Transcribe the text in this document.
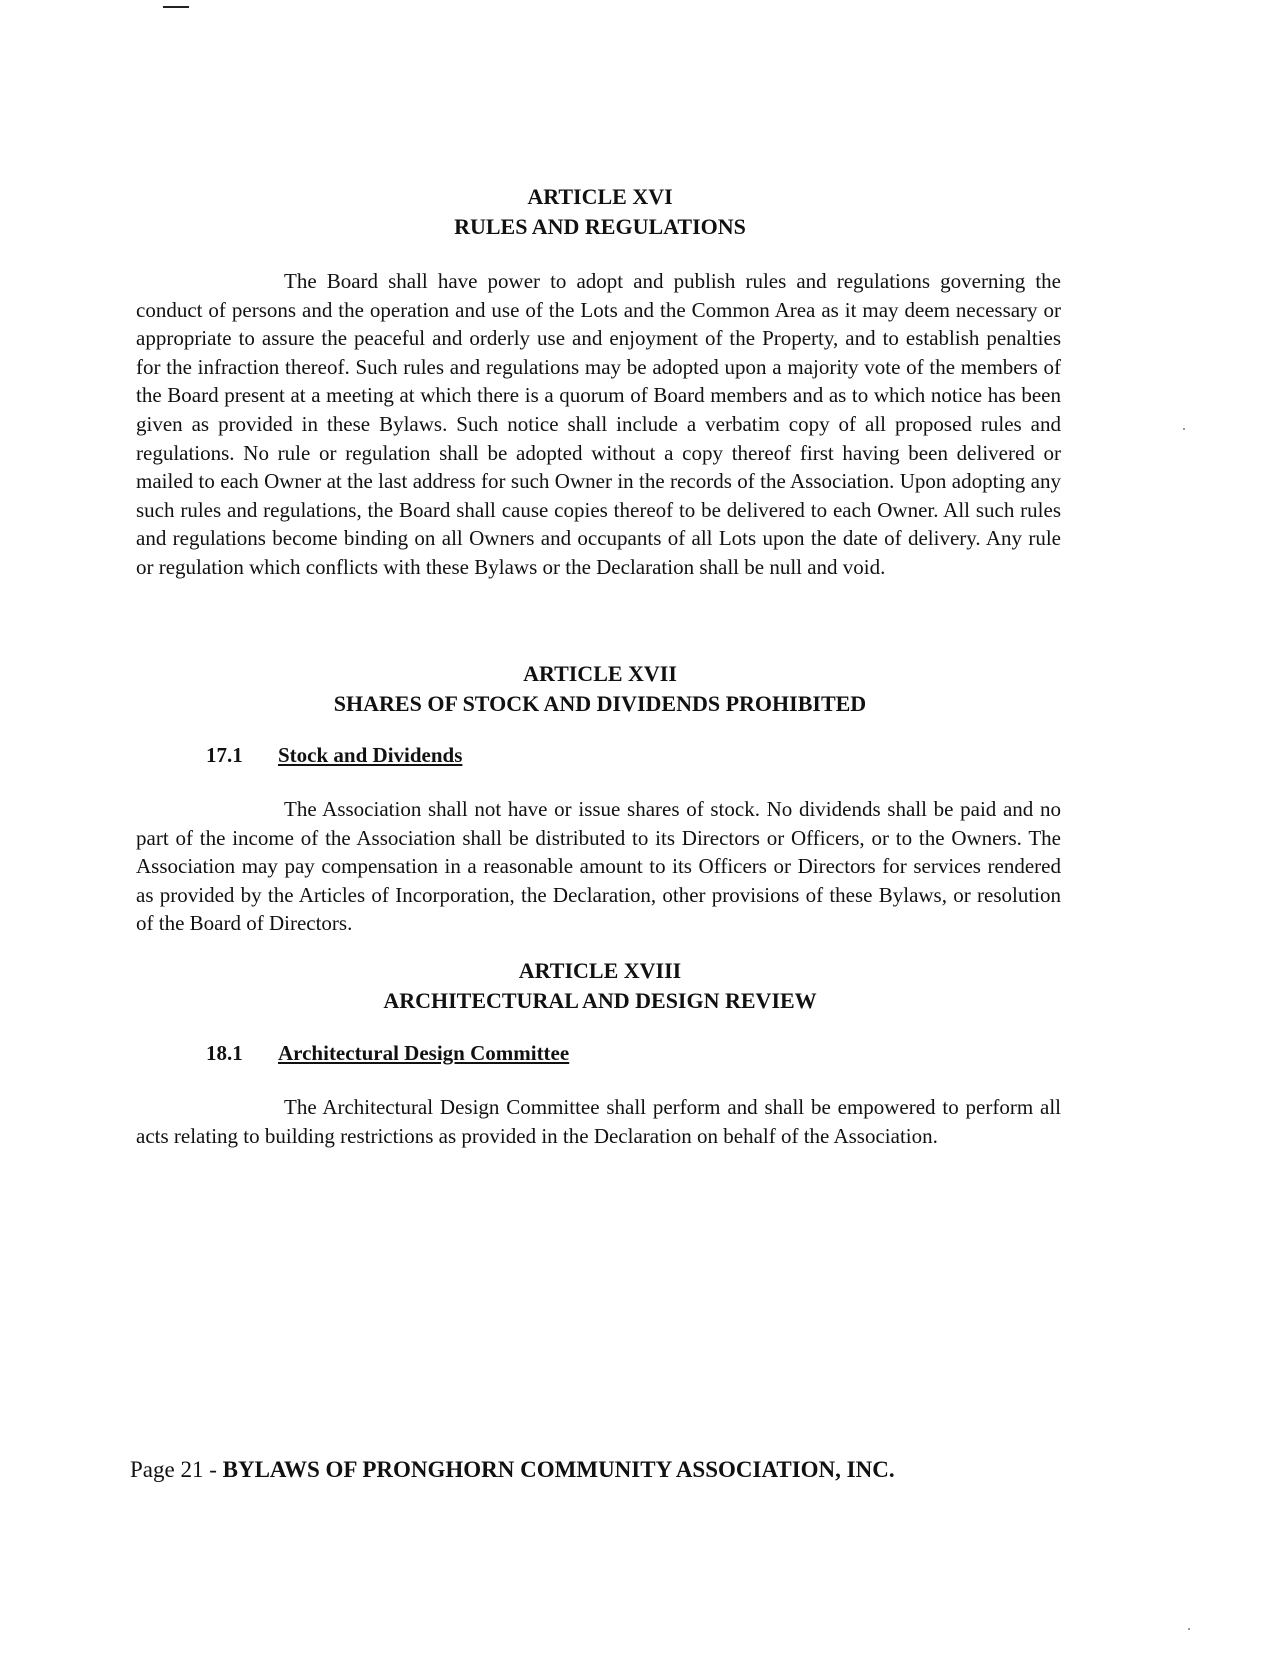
ARTICLE XVI
RULES AND REGULATIONS

The Board shall have power to adopt and publish rules and regulations governing the conduct of persons and the operation and use of the Lots and the Common Area as it may deem necessary or appropriate to assure the peaceful and orderly use and enjoyment of the Property, and to establish penalties for the infraction thereof. Such rules and regulations may be adopted upon a majority vote of the members of the Board present at a meeting at which there is a quorum of Board members and as to which notice has been given as provided in these Bylaws. Such notice shall include a verbatim copy of all proposed rules and regulations. No rule or regulation shall be adopted without a copy thereof first having been delivered or mailed to each Owner at the last address for such Owner in the records of the Association. Upon adopting any such rules and regulations, the Board shall cause copies thereof to be delivered to each Owner. All such rules and regulations become binding on all Owners and occupants of all Lots upon the date of delivery. Any rule or regulation which conflicts with these Bylaws or the Declaration shall be null and void.

ARTICLE XVII
SHARES OF STOCK AND DIVIDENDS PROHIBITED
17.1 Stock and Dividends

The Association shall not have or issue shares of stock. No dividends shall be paid and no part of the income of the Association shall be distributed to its Directors or Officers, or to the Owners. The Association may pay compensation in a reasonable amount to its Officers or Directors for services rendered as provided by the Articles of Incorporation, the Declaration, other provisions of these Bylaws, or resolution of the Board of Directors.

ARTICLE XVIII
ARCHITECTURAL AND DESIGN REVIEW
18.1 Architectural Design Committee

The Architectural Design Committee shall perform and shall be empowered to perform all acts relating to building restrictions as provided in the Declaration on behalf of the Association.

Page 21 - BYLAWS OF PRONGHORN COMMUNITY ASSOCIATION, INC.
